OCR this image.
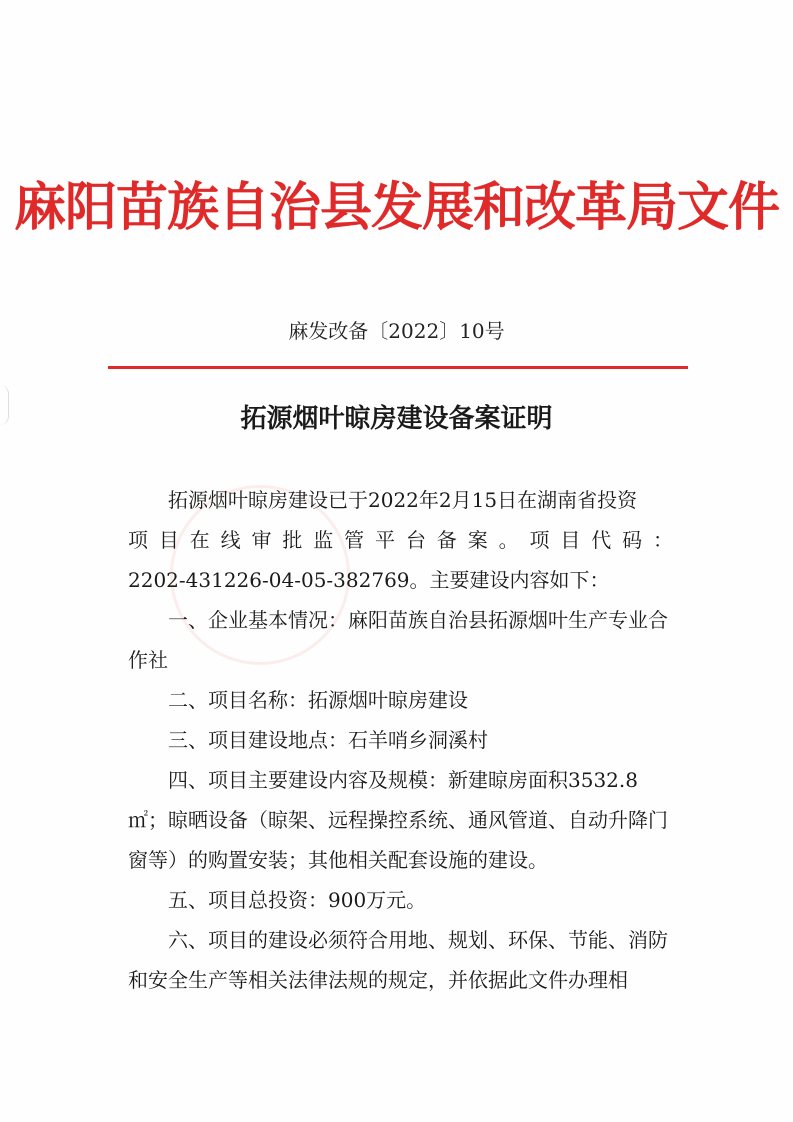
麻阳苗族自治县发展和改革局文件
麻发改备〔2022〕10号
拓源烟叶晾房建设备案证明

拓源烟叶晾房建设已于2022年2月15日在湖南省投资

项目在线审批监管平台备案。项目代码：

2202-431226-04-05-382769。主要建设内容如下：

一、企业基本情况：麻阳苗族自治县拓源烟叶生产专业合作社

二、项目名称：拓源烟叶晾房建设

三、项目建设地点：石羊哨乡洞溪村

四、项目主要建设内容及规模：新建晾房面积3532.8㎡；晾晒设备（晾架、远程操控系统、通风管道、自动升降门窗等）的购置安装；其他相关配套设施的建设。

五、项目总投资：900万元。

六、项目的建设必须符合用地、规划、环保、节能、消防和安全生产等相关法律法规的规定，并依据此文件办理相
